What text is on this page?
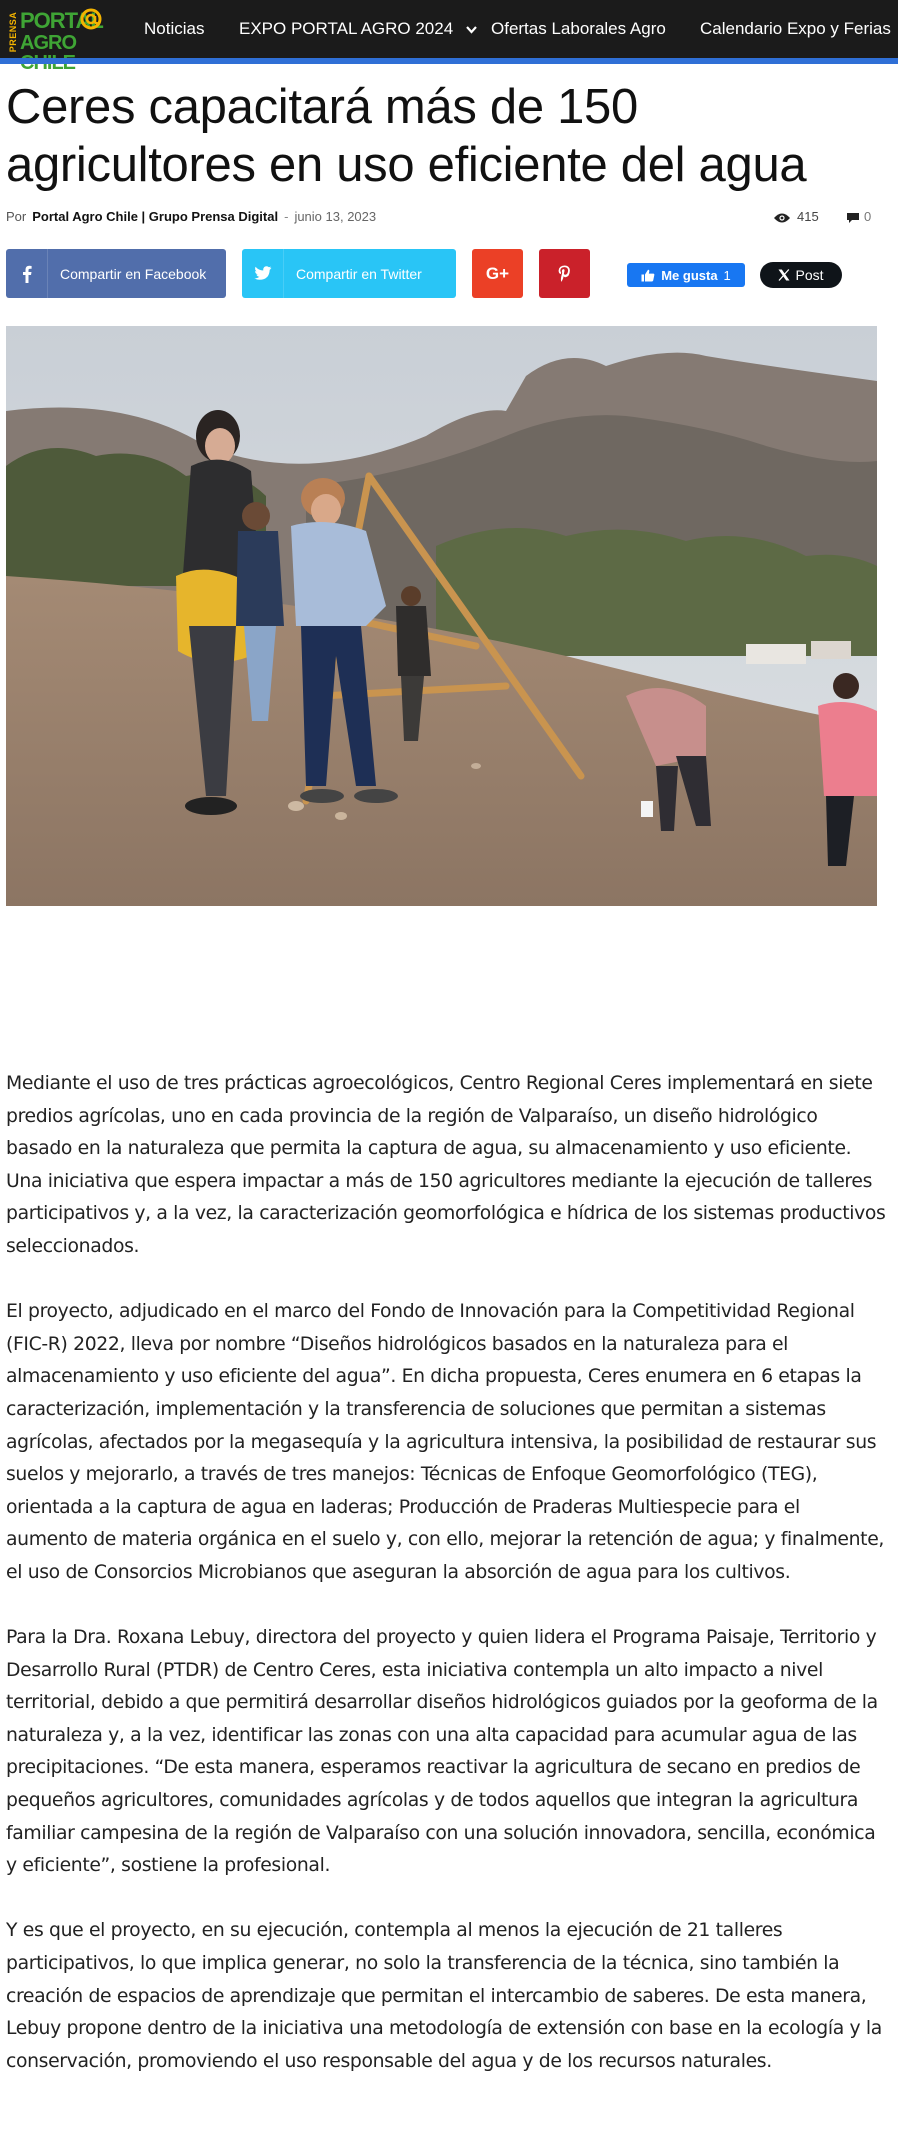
PRENSA PORTAL
AGRO
Noticias EXPO PORTAL AGRO 2024	Ofertas Laborales Agro Calendario Expo y Ferias
Ceres capacitará más de 150 agricultores en uso eficiente del agua
Por Portal Agro Chile | Grupo Prensa Digital - junio 13, 2023	415	0
Compartir en Facebook	Compartir en Twitter	G+	Me gusta 1	Post

Mediante el uso de tres prácticas agroecológicos, Centro Regional Ceres implementará en siete predios agrícolas, uno en cada provincia de la región de Valparaíso, un diseño hidrológico basado en la naturaleza que permita la captura de agua, su almacenamiento y uso eficiente. Una iniciativa que espera impactar a más de 150 agricultores mediante la ejecución de talleres participativos y, a la vez, la caracterización geomorfológica e hídrica de los sistemas productivos seleccionados.

El proyecto, adjudicado en el marco del Fondo de Innovación para la Competitividad Regional (FIC-R) 2022, lleva por nombre “Diseños hidrológicos basados en la naturaleza para el almacenamiento y uso eficiente del agua”. En dicha propuesta, Ceres enumera en 6 etapas la caracterización, implementación y la transferencia de soluciones que permitan a sistemas agrícolas, afectados por la megasequía y la agricultura intensiva, la posibilidad de restaurar sus suelos y mejorarlo, a través de tres manejos: Técnicas de Enfoque Geomorfológico (TEG), orientada a la captura de agua en laderas; Producción de Praderas Multiespecie para el aumento de materia orgánica en el suelo y, con ello, mejorar la retención de agua; y finalmente, el uso de Consorcios Microbianos que aseguran la absorción de agua para los cultivos.

Para la Dra. Roxana Lebuy, directora del proyecto y quien lidera el Programa Paisaje, Territorio y Desarrollo Rural (PTDR) de Centro Ceres, esta iniciativa contempla un alto impacto a nivel territorial, debido a que permitirá desarrollar diseños hidrológicos guiados por la geoforma de la naturaleza y, a la vez, identificar las zonas con una alta capacidad para acumular agua de las precipitaciones. “De esta manera, esperamos reactivar la agricultura de secano en predios de pequeños agricultores, comunidades agrícolas y de todos aquellos que integran la agricultura familiar campesina de la región de Valparaíso con una solución innovadora, sencilla, económica y eficiente”, sostiene la profesional.

Y es que el proyecto, en su ejecución, contempla al menos la ejecución de 21 talleres participativos, lo que implica generar, no solo la transferencia de la técnica, sino también la creación de espacios de aprendizaje que permitan el intercambio de saberes. De esta manera, Lebuy propone dentro de la iniciativa una metodología de extensión con base en la ecología y la conservación, promoviendo el uso responsable del agua y de los recursos naturales.
